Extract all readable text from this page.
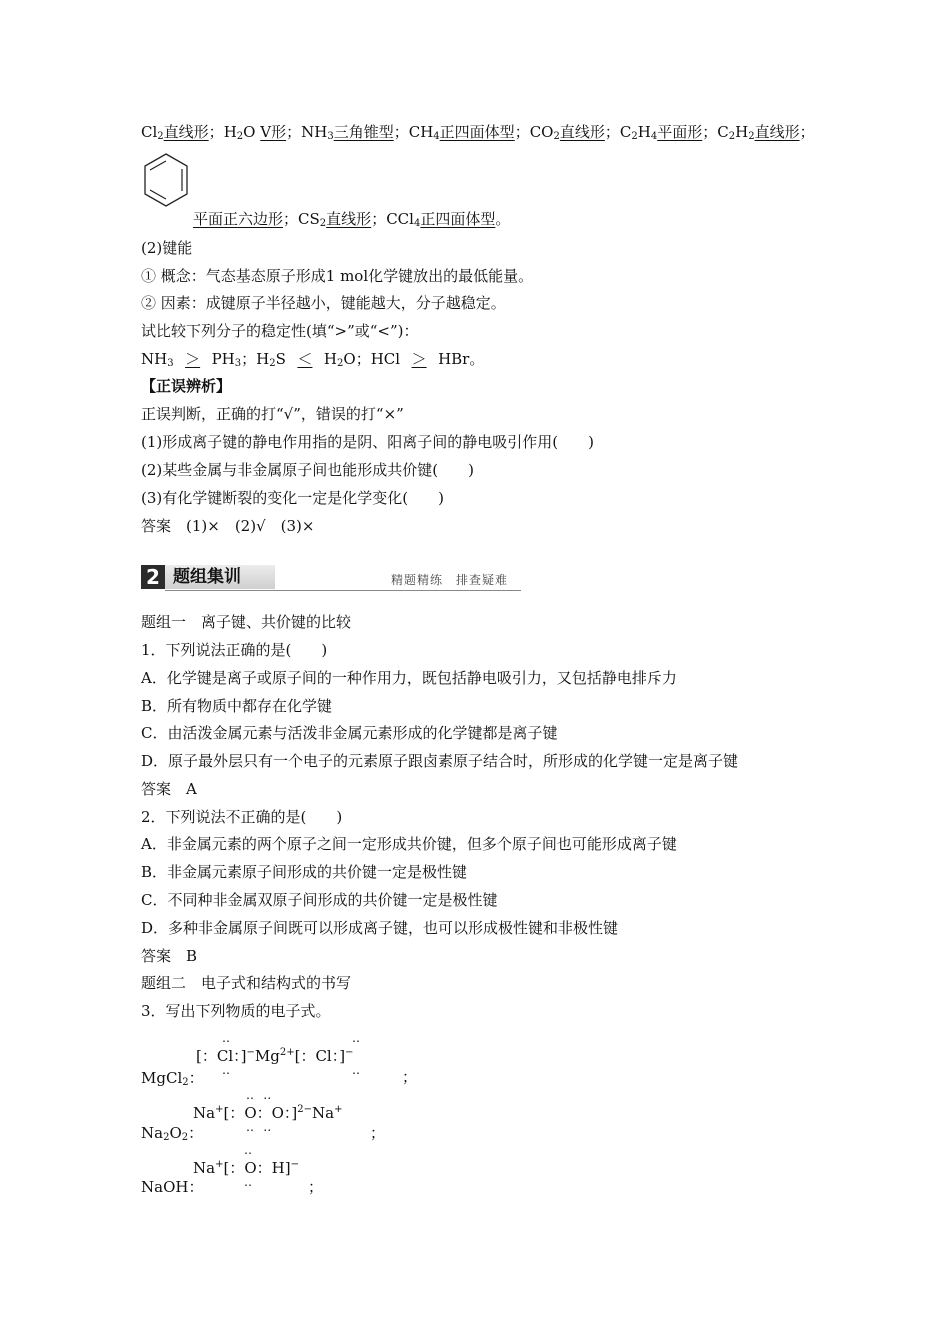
$Cl_2$直线形；$H_2O$ V形；$NH_3$三角锥型；$CH_4$正四面体型；$CO_2$直线形；$C_2H_4$平面形；$C_2H_2$直线形；
平面正六边形；$CS_2$直线形；CCl$_4$正四面体型。
(2)键能
① 概念：气态基态原子形成1 mol化学键放出的最低能量。
② 因素：成键原子半径越小，键能越大，分子越稳定。
试比较下列分子的稳定性(填“>”或“<”)：
$NH_3 > PH_3$；$H_2S < H_2O$；HCl ＞ HBr。
【正误辨析】
正误判断，正确的打“√”，错误的打“×”
(1)形成离子键的静电作用指的是阴、阳离子间的静电吸引作用(　　)
(2)某些金属与非金属原子间也能形成共价键(　　)
(3)有化学键断裂的变化一定是化学变化(　　)
答案　(1)×　(2)√　(3)×
2 题组集训	精题精练　排查疑难
题组一　离子键、共价键的比较
1．下列说法正确的是(　　)
A．化学键是离子或原子间的一种作用力，既包括静电吸引力，又包括静电排斥力
B．所有物质中都存在化学键
C．由活泼金属元素与活泼非金属元素形成的化学键都是离子键
D．原子最外层只有一个电子的元素原子跟卤素原子结合时，所形成的化学键一定是离子键
答案　A
2．下列说法不正确的是(　　)
A．非金属元素的两个原子之间一定形成共价键，但多个原子间也可能形成离子键
B．非金属元素原子间形成的共价键一定是极性键
C．不同种非金属双原子间形成的共价键一定是极性键
D．多种非金属原子间既可以形成离子键，也可以形成极性键和非极性键
答案　B
题组二　电子式和结构式的书写
3．写出下列物质的电子式。
MgCl$_2$：
[：Cl：]$^-Mg^{2+}$[：Cl：]−
‥
‥
‥
‥	；
$Na_2O_2$：
Na+[：O：O：]$^{2-}$Na+
‥ ‥
‥ ‥	；
NaOH：
Na+[：O：H]−
‥
‥	；
